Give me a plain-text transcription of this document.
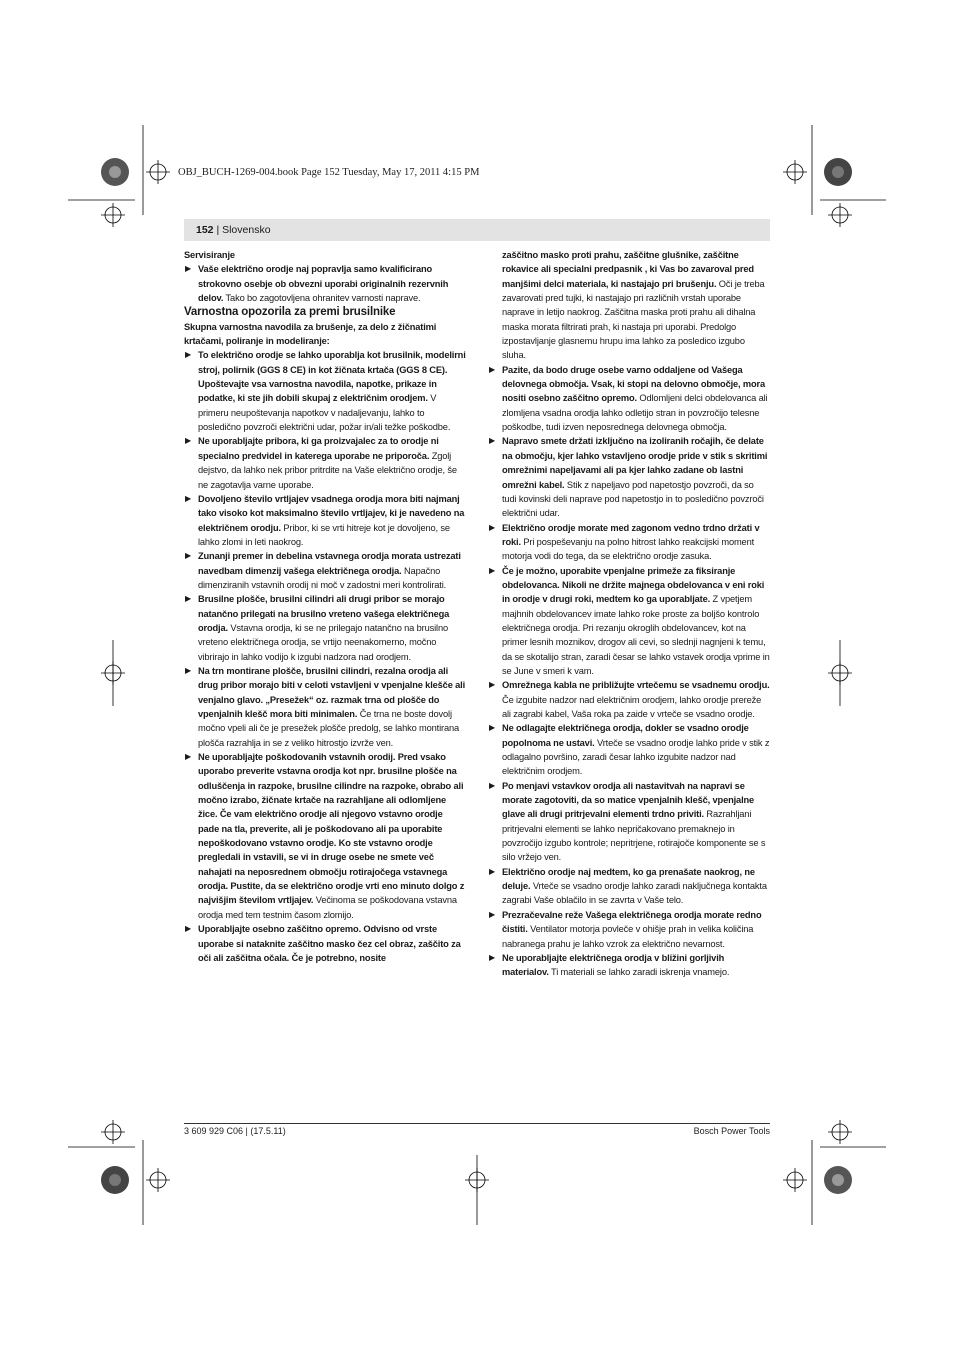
OBJ_BUCH-1269-004.book Page 152 Tuesday, May 17, 2011 4:15 PM
152 | Slovensko

Servisiranje

▶ Vaše električno orodje naj popravlja samo kvalificirano strokovno osebje ob obvezni uporabi originalnih rezervnih delov. Tako bo zagotovljena ohranitev varnosti naprave.

Varnostna opozorila za premi brusilnike

Skupna varnostna navodila za brušenje, za delo z žičnatimi krtačami, poliranje in modeliranje:

▶ To električno orodje se lahko uporablja kot brusilnik, modelirni stroj, polirnik (GGS 8 CE) in kot žičnata krtača (GGS 8 CE). Upoštevajte vsa varnostna navodila, napotke, prikaze in podatke, ki ste jih dobili skupaj z električnim orodjem. V primeru neupoštevanja napotkov v nadaljevanju, lahko to posledično povzroči električni udar, požar in/ali težke poškodbe.

▶ Ne uporabljajte pribora, ki ga proizvajalec za to orodje ni specialno predvidel in katerega uporabe ne priporoča. Zgolj dejstvo, da lahko nek pribor pritrdite na Vaše električno orodje, še ne zagotavlja varne uporabe.

▶ Dovoljeno število vrtljajev vsadnega orodja mora biti najmanj tako visoko kot maksimalno število vrtljajev, ki je navedeno na električnem orodju. Pribor, ki se vrti hitreje kot je dovoljeno, se lahko zlomi in leti naokrog.

▶ Zunanji premer in debelina vstavnega orodja morata ustrezati navedbam dimenzij vašega električnega orodja. Napačno dimenziranih vstavnih orodij ni moč v zadostni meri kontrolirati.

▶ Brusilne plošče, brusilni cilindri ali drugi pribor se morajo natančno prilegati na brusilno vreteno vašega električnega orodja. Vstavna orodja, ki se ne prilegajo natančno na brusilno vreteno električnega orodja, se vrtijo neenakomerno, močno vibrirajo in lahko vodijo k izgubi nadzora nad orodjem.

▶ Na trn montirane plošče, brusilni cilindri, rezalna orodja ali drug pribor morajo biti v celoti vstavljeni v vpenjalne klešče ali venjalno glavo. „Presežek“ oz. razmak trna od plošče do vpenjalnih klešč mora biti minimalen. Če trna ne boste dovolj močno vpeli ali če je presežek plošče predolg, se lahko montirana plošča razrahlja in se z veliko hitrostjo izvrže ven.

▶ Ne uporabljajte poškodovanih vstavnih orodij. Pred vsako uporabo preverite vstavna orodja kot npr. brusilne plošče na odluščenja in razpoke, brusilne cilindre na razpoke, obrabo ali močno izrabo, žičnate krtače na razrahljane ali odlomljene žice. Če vam električno orodje ali njegovo vstavno orodje pade na tla, preverite, ali je poškodovano ali pa uporabite nepoškodovano vstavno orodje. Ko ste vstavno orodje pregledali in vstavili, se vi in druge osebe ne smete več nahajati na neposrednem območju rotirajočega vstavnega orodja. Pustite, da se električno orodje vrti eno minuto dolgo z najvišjim številom vrtljajev. Večinoma se poškodovana vstavna orodja med tem testnim časom zlomijo.

▶ Uporabljajte osebno zaščitno opremo. Odvisno od vrste uporabe si nataknite zaščitno masko čez cel obraz, zaščito za oči ali zaščitna očala. Če je potrebno, nosite

zaščitno masko proti prahu, zaščitne glušnike, zaščitne rokavice ali specialni predpasnik , ki Vas bo zavaroval pred manjšimi delci materiala, ki nastajajo pri brušenju. Oči je treba zavarovati pred tujki, ki nastajajo pri različnih vrstah uporabe naprave in letijo naokrog. Zaščitna maska proti prahu ali dihalna maska morata filtrirati prah, ki nastaja pri uporabi. Predolgo izpostavljanje glasnemu hrupu ima lahko za posledico izgubo sluha.

▶ Pazite, da bodo druge osebe varno oddaljene od Vašega delovnega območja. Vsak, ki stopi na delovno območje, mora nositi osebno zaščitno opremo. Odlomljeni delci obdelovanca ali zlomljena vsadna orodja lahko odletijo stran in povzročijo telesne poškodbe, tudi izven neposrednega delovnega območja.

▶ Napravo smete držati izključno na izoliranih ročajih, če delate na območju, kjer lahko vstavljeno orodje pride v stik s skritimi omrežnimi napeljavami ali pa kjer lahko zadane ob lastni omrežni kabel. Stik z napeljavo pod napetostjo povzroči, da so tudi kovinski deli naprave pod napetostjo in to posledično povzroči električni udar.

▶ Električno orodje morate med zagonom vedno trdno držati v roki. Pri pospeševanju na polno hitrost lahko reakcijski moment motorja vodi do tega, da se električno orodje zasuka.

▶ Če je možno, uporabite vpenjalne primeže za fiksiranje obdelovanca. Nikoli ne držite majnega obdelovanca v eni roki in orodje v drugi roki, medtem ko ga uporabljate. Z vpetjem majhnih obdelovancev imate lahko roke proste za boljšo kontrolo električnega orodja. Pri rezanju okroglih obdelovancev, kot na primer lesnih moznikov, drogov ali cevi, so slednji nagnjeni k temu, da se skotalijo stran, zaradi česar se lahko vstavek orodja vprime in se June v smeri k vam.

▶ Omrežnega kabla ne približujte vrtečemu se vsadnemu orodju. Če izgubite nadzor nad električnim orodjem, lahko orodje prereže ali zagrabi kabel, Vaša roka pa zaide v vrteče se vsadno orodje.

▶ Ne odlagajte električnega orodja, dokler se vsadno orodje popolnoma ne ustavi. Vrteče se vsadno orodje lahko pride v stik z odlagalno površino, zaradi česar lahko izgubite nadzor nad električnim orodjem.

▶ Po menjavi vstavkov orodja ali nastavitvah na napravi se morate zagotoviti, da so matice vpenjalnih klešč, vpenjalne glave ali drugi pritrjevalni elementi trdno priviti. Razrahljani pritrjevalni elementi se lahko nepričakovano premaknejo in povzročijo izgubo kontrole; nepritrjene, rotirajoče komponente se s silo vržejo ven.

▶ Električno orodje naj medtem, ko ga prenašate naokrog, ne deluje. Vrteče se vsadno orodje lahko zaradi naključnega kontakta zagrabi Vaše oblačilo in se zavrta v Vaše telo.

▶ Prezračevalne reže Vašega električnega orodja morate redno čistiti. Ventilator motorja povleče v ohišje prah in velika količina nabranega prahu je lahko vzrok za električno nevarnost.

▶ Ne uporabljajte električnega orodja v bližini gorljivih materialov. Ti materiali se lahko zaradi iskrenja vnamejo.

3 609 929 C06 | (17.5.11)	Bosch Power Tools
